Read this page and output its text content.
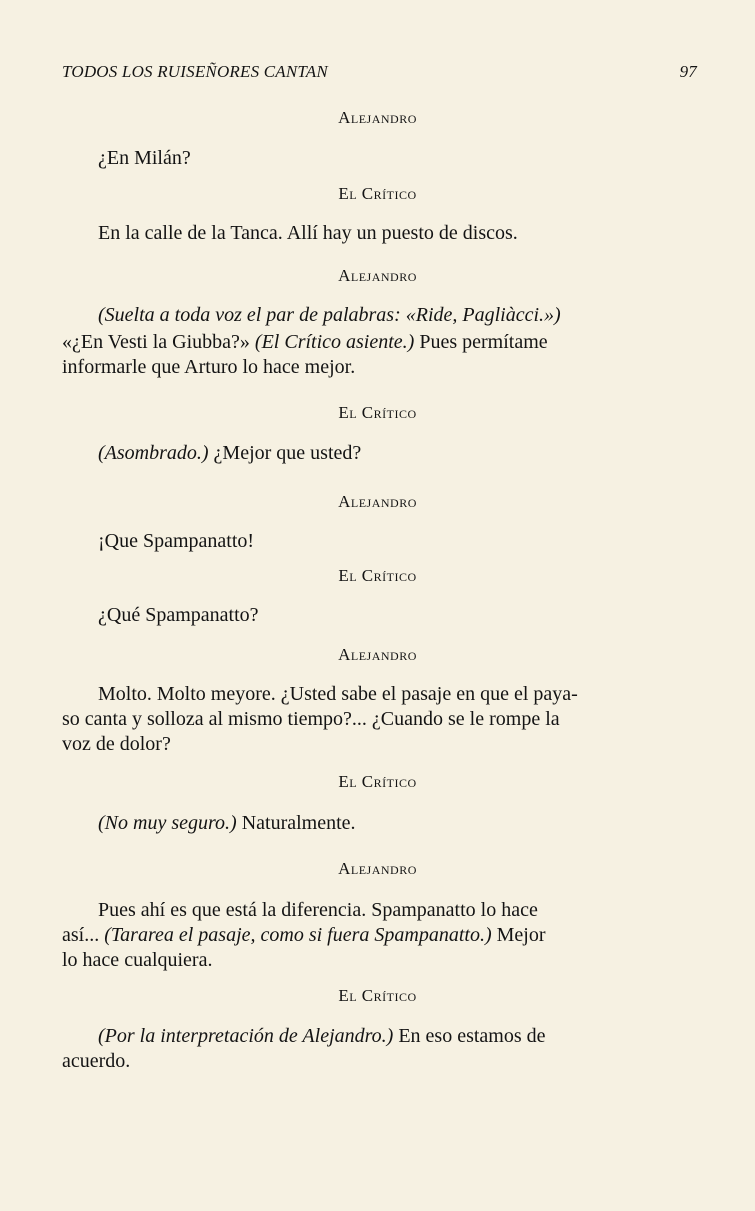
TODOS LOS RUISEÑORES CANTAN	97
Alejandro
¿En Milán?
El Crítico
En la calle de la Tanca. Allí hay un puesto de discos.
Alejandro
(Suelta a toda voz el par de palabras: «Ride, Pagliàcci.»)
«¿En Vesti la Giubba?» (El Crítico asiente.) Pues permítame
informarle que Arturo lo hace mejor.
El Crítico
(Asombrado.) ¿Mejor que usted?
Alejandro
¡Que Spampanatto!
El Crítico
¿Qué Spampanatto?
Alejandro
Molto. Molto meyore. ¿Usted sabe el pasaje en que el paya-
so canta y solloza al mismo tiempo?... ¿Cuando se le rompe la
voz de dolor?
El Crítico
(No muy seguro.) Naturalmente.
Alejandro
Pues ahí es que está la diferencia. Spampanatto lo hace
así... (Tararea el pasaje, como si fuera Spampanatto.) Mejor
lo hace cualquiera.
El Crítico
(Por la interpretación de Alejandro.) En eso estamos de
acuerdo.
